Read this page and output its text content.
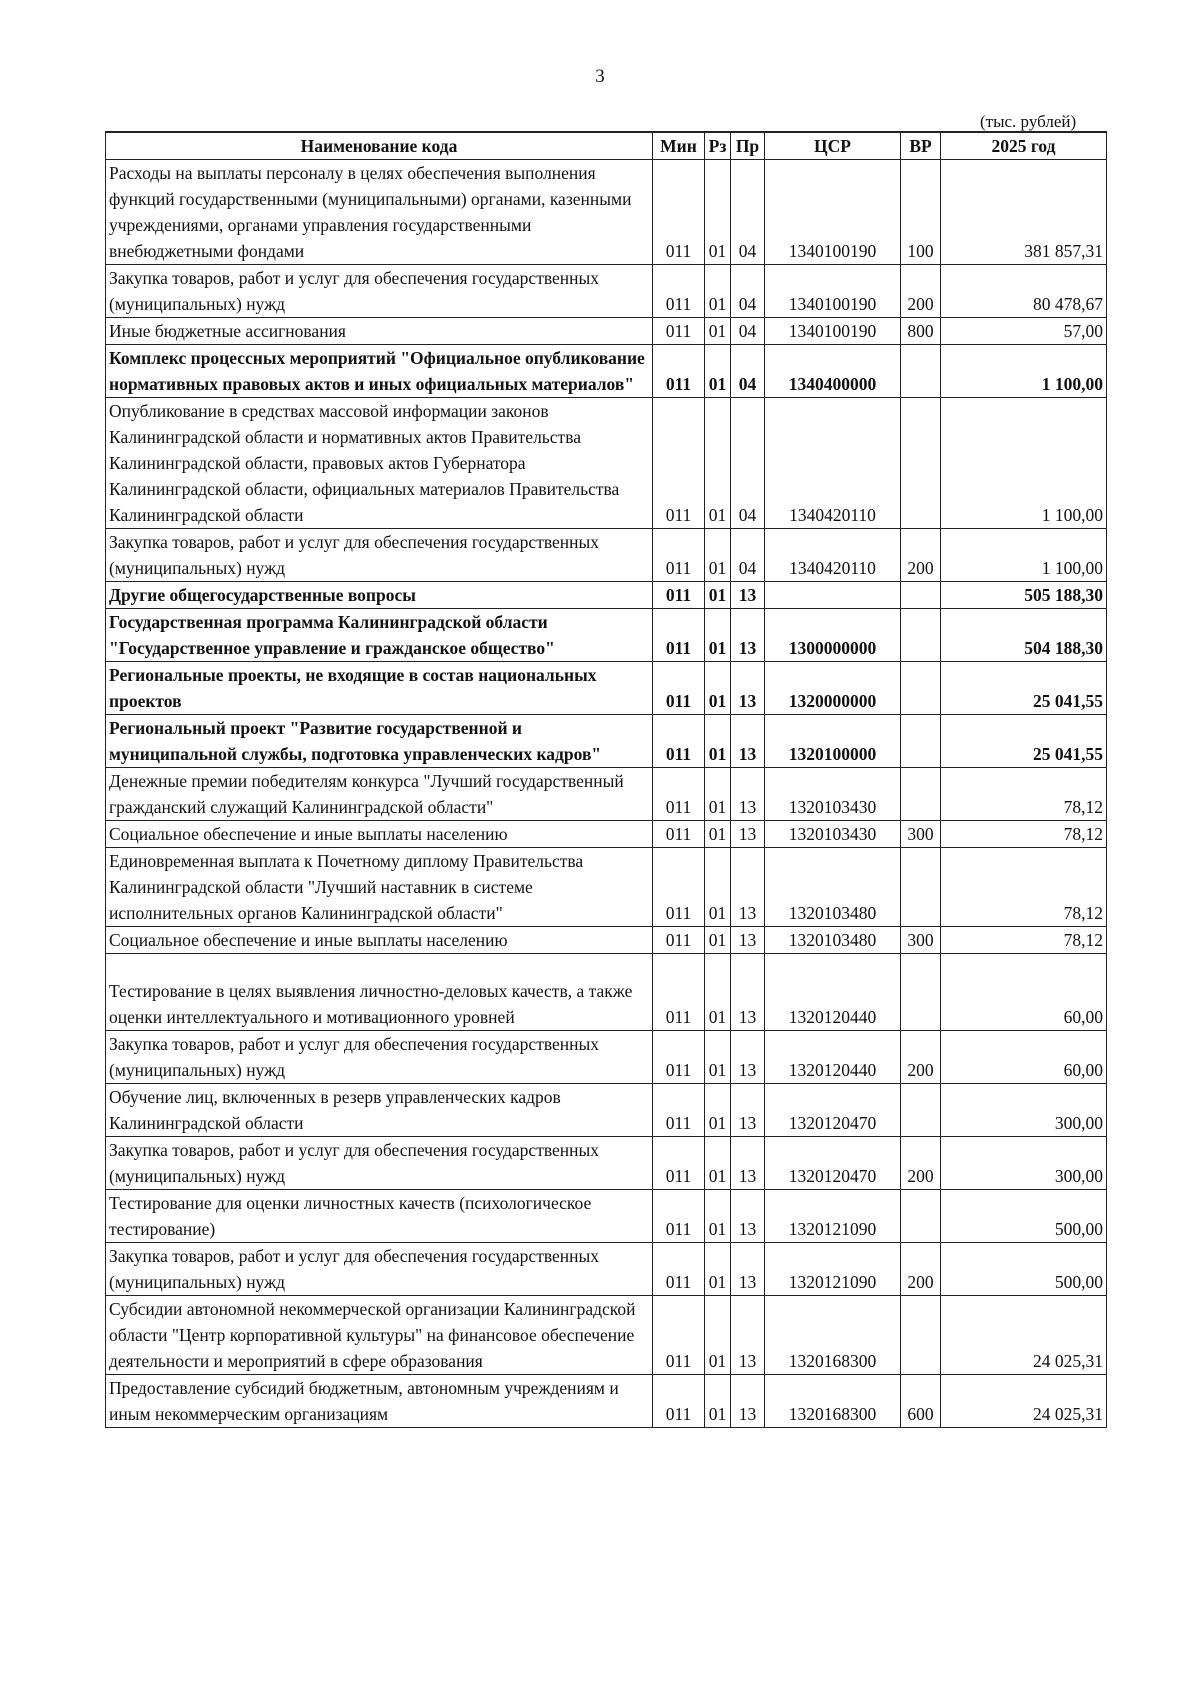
3
(тыс. рублей)
Наименование кода	Мин	Рз	Пр	ЦСР	ВР	2025 год
Расходы на выплаты персоналу в целях обеспечения выполнения функций государственными (муниципальными) органами, казенными учреждениями, органами управления государственными внебюджетными фондами	011	01	04	1340100190	100	381 857,31
Закупка товаров, работ и услуг для обеспечения государственных (муниципальных) нужд	011	01	04	1340100190	200	80 478,67
Иные бюджетные ассигнования	011	01	04	1340100190	800	57,00
Комплекс процессных мероприятий "Официальное опубликование нормативных правовых актов и иных официальных материалов"	011	01	04	1340400000		1 100,00
Опубликование в средствах массовой информации законов Калининградской области и нормативных актов Правительства Калининградской области, правовых актов Губернатора Калининградской области, официальных материалов Правительства Калининградской области	011	01	04	1340420110		1 100,00
Закупка товаров, работ и услуг для обеспечения государственных (муниципальных) нужд	011	01	04	1340420110	200	1 100,00
Другие общегосударственные вопросы	011	01	13			505 188,30
Государственная программа Калининградской области "Государственное управление и гражданское общество"	011	01	13	1300000000		504 188,30
Региональные проекты, не входящие в состав национальных проектов	011	01	13	1320000000		25 041,55
Региональный проект "Развитие государственной и муниципальной службы, подготовка управленческих кадров"	011	01	13	1320100000		25 041,55
Денежные премии победителям конкурса "Лучший государственный гражданский служащий Калининградской области"	011	01	13	1320103430		78,12
Социальное обеспечение и иные выплаты населению	011	01	13	1320103430	300	78,12
Единовременная выплата к Почетному диплому Правительства Калининградской области "Лучший наставник в системе исполнительных органов Калининградской области"	011	01	13	1320103480		78,12
Социальное обеспечение и иные выплаты населению	011	01	13	1320103480	300	78,12
Тестирование в целях выявления личностно-деловых качеств, а также оценки интеллектуального и мотивационного уровней	011	01	13	1320120440		60,00
Закупка товаров, работ и услуг для обеспечения государственных (муниципальных) нужд	011	01	13	1320120440	200	60,00
Обучение лиц, включенных в резерв управленческих кадров Калининградской области	011	01	13	1320120470		300,00
Закупка товаров, работ и услуг для обеспечения государственных (муниципальных) нужд	011	01	13	1320120470	200	300,00
Тестирование для оценки личностных качеств (психологическое тестирование)	011	01	13	1320121090		500,00
Закупка товаров, работ и услуг для обеспечения государственных (муниципальных) нужд	011	01	13	1320121090	200	500,00
Субсидии автономной некоммерческой организации Калининградской области "Центр корпоративной культуры" на финансовое обеспечение деятельности и мероприятий в сфере образования	011	01	13	1320168300		24 025,31
Предоставление субсидий бюджетным, автономным учреждениям и иным некоммерческим организациям	011	01	13	1320168300	600	24 025,31
